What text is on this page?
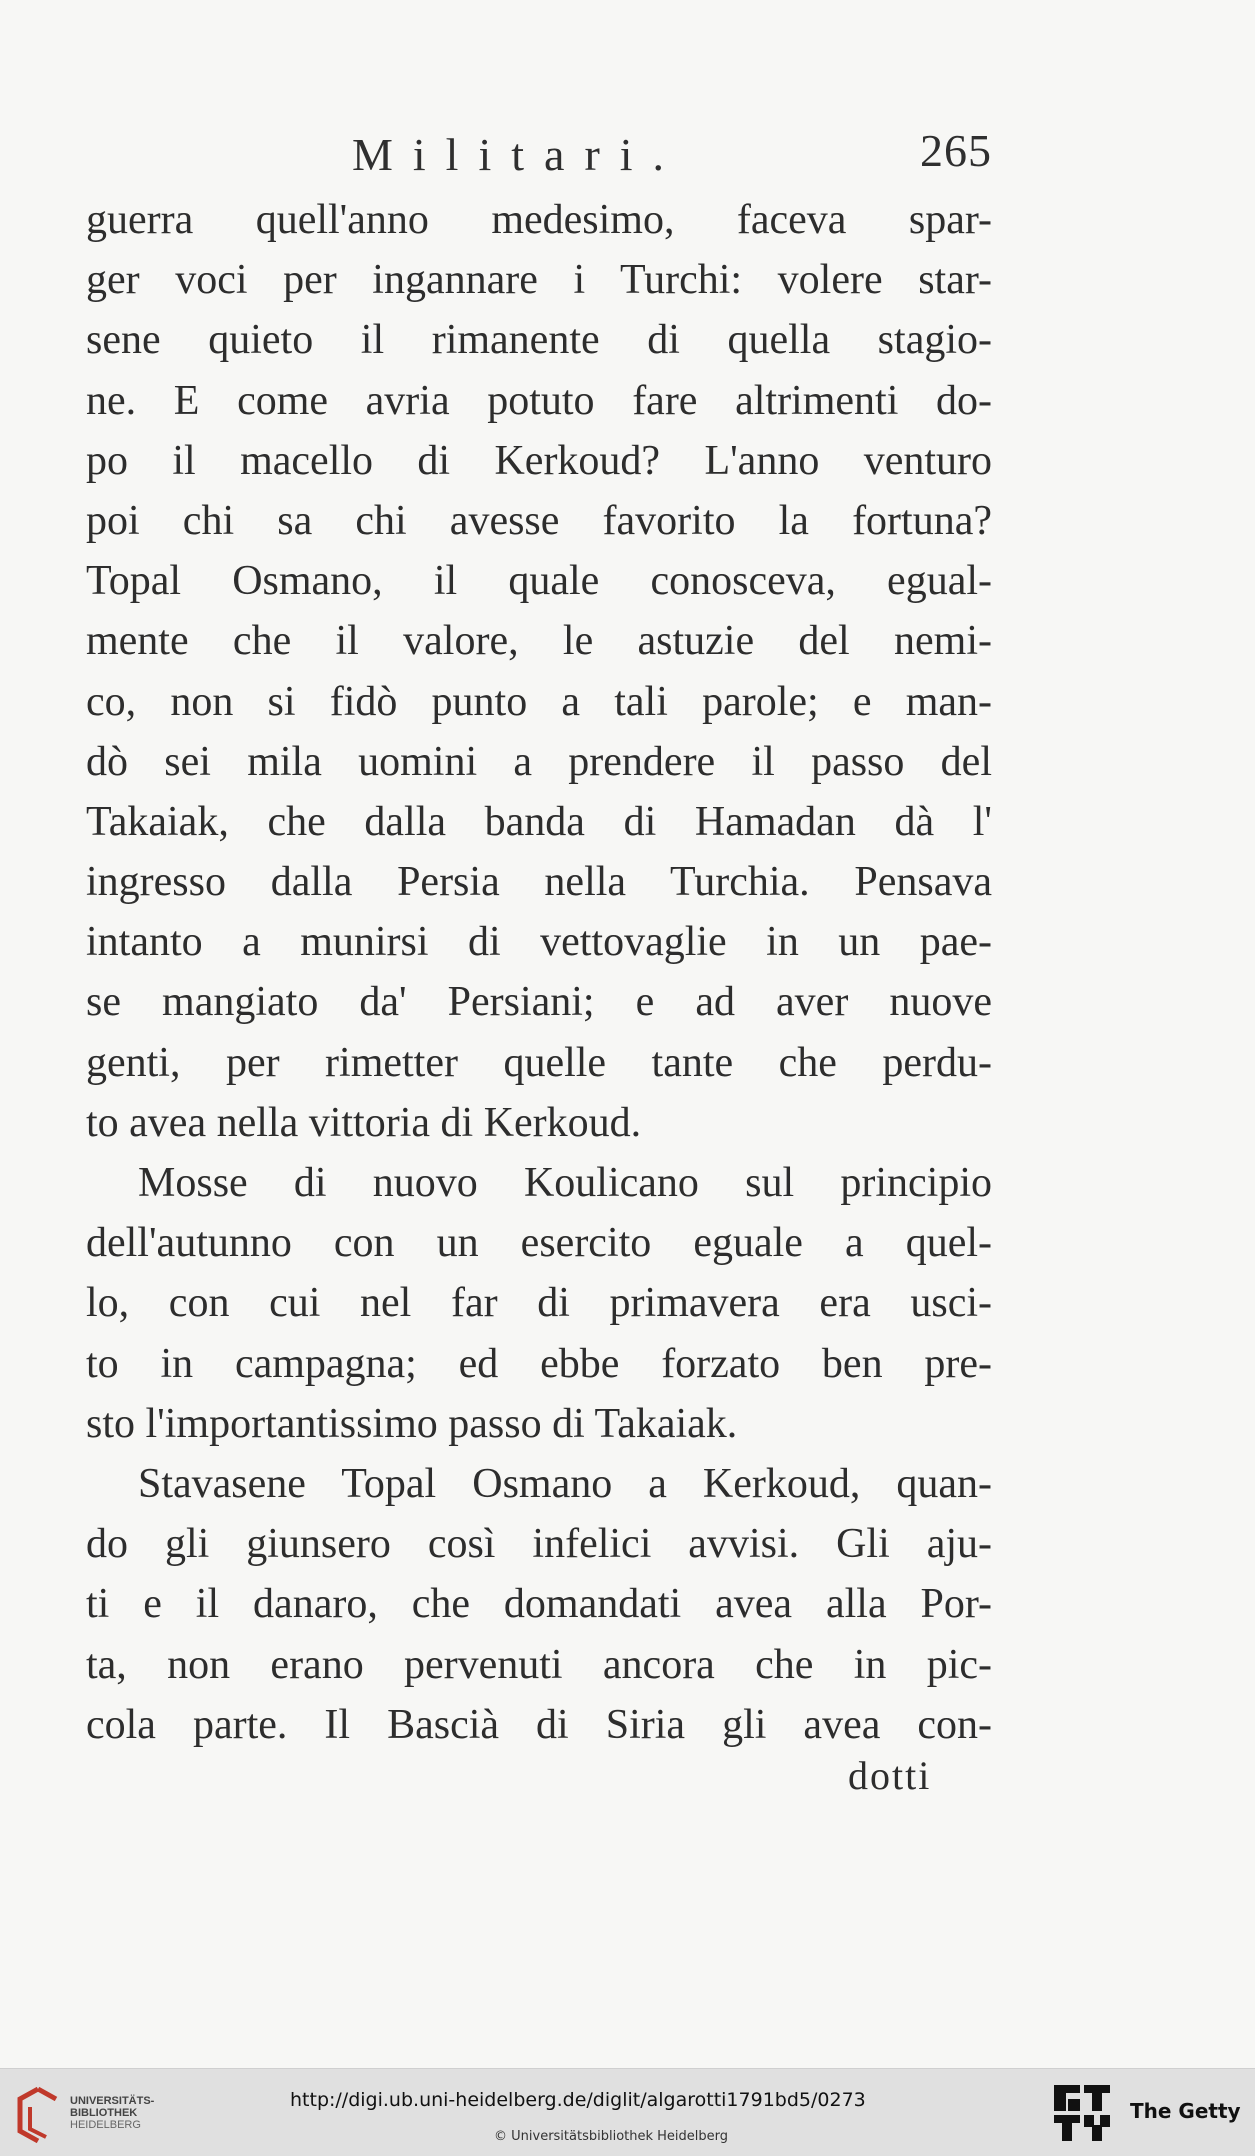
Militari.	265
guerra quell'anno medesimo, faceva spar-
ger voci per ingannare i Turchi: volere star-
sene quieto il rimanente di quella stagio-
ne. E come avria potuto fare altrimenti do-
po il macello di Kerkoud? L'anno venturo
poi chi sa chi avesse favorito la fortuna?
Topal Osmano, il quale conosceva, egual-
mente che il valore, le astuzie del nemi-
co, non si fidò punto a tali parole; e man-
dò sei mila uomini a prendere il passo del
Takaiak, che dalla banda di Hamadan dà l'
ingresso dalla Persia nella Turchia. Pensava
intanto a munirsi di vettovaglie in un pae-
se mangiato da' Persiani; e ad aver nuove
genti, per rimetter quelle tante che perdu-
to avea nella vittoria di Kerkoud.
Mosse di nuovo Koulicano sul principio
dell'autunno con un esercito eguale a quel-
lo, con cui nel far di primavera era usci-
to in campagna; ed ebbe forzato ben pre-
sto l'importantissimo passo di Takaiak.
Stavasene Topal Osmano a Kerkoud, quan-
do gli giunsero così infelici avvisi. Gli aju-
ti e il danaro, che domandati avea alla Por-
ta, non erano pervenuti ancora che in pic-
cola parte. Il Bascià di Siria gli avea con-
dotti
UNIVERSITÄTS-
BIBLIOTHEK
HEIDELBERG
http://digi.ub.uni-heidelberg.de/diglit/algarotti1791bd5/0273
© Universitätsbibliothek Heidelberg
The Getty
